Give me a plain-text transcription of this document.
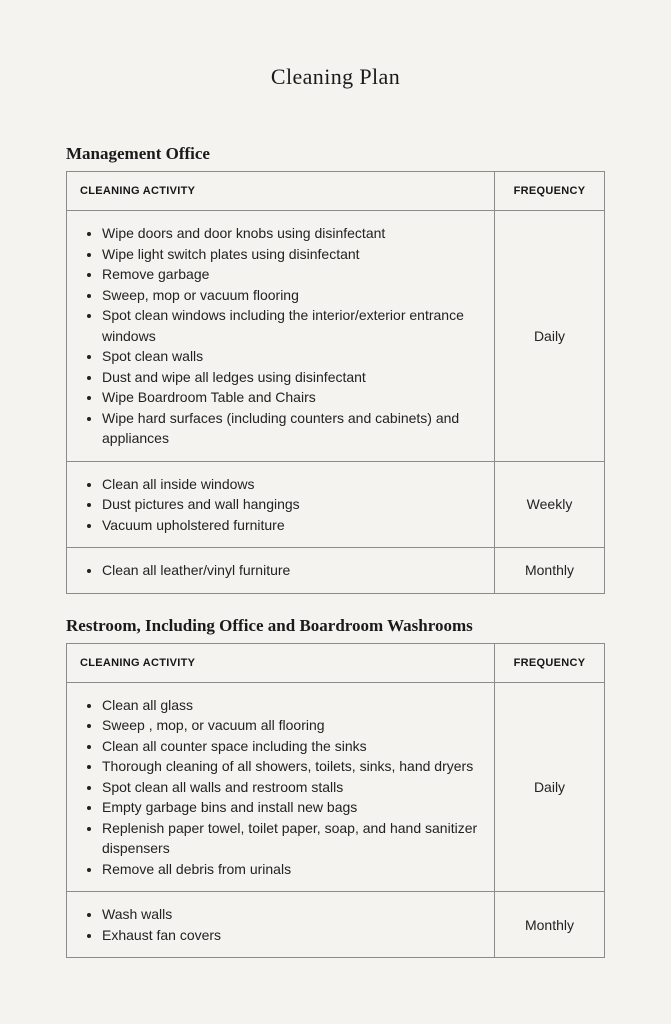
Cleaning Plan
Management Office
CLEANING ACTIVITY	FREQUENCY

• Wipe doors and door knobs using disinfectant
• Wipe light switch plates using disinfectant
• Remove garbage
• Sweep, mop or vacuum flooring
• Spot clean windows including the interior/exterior entrance windows
• Spot clean walls
• Dust and wipe all ledges using disinfectant
• Wipe Boardroom Table and Chairs
• Wipe hard surfaces (including counters and cabinets) and appliances
	Daily

• Clean all inside windows
• Dust pictures and wall hangings
• Vacuum upholstered furniture
	Weekly

• Clean all leather/vinyl furniture	Monthly
Restroom, Including Office and Boardroom Washrooms
CLEANING ACTIVITY	FREQUENCY

• Clean all glass
• Sweep , mop, or vacuum all flooring
• Clean all counter space including the sinks
• Thorough cleaning of all showers, toilets, sinks, hand dryers
• Spot clean all walls and restroom stalls
• Empty garbage bins and install new bags
• Replenish paper towel, toilet paper, soap, and hand sanitizer dispensers
• Remove all debris from urinals
	Daily

• Wash walls
• Exhaust fan covers
	Monthly
